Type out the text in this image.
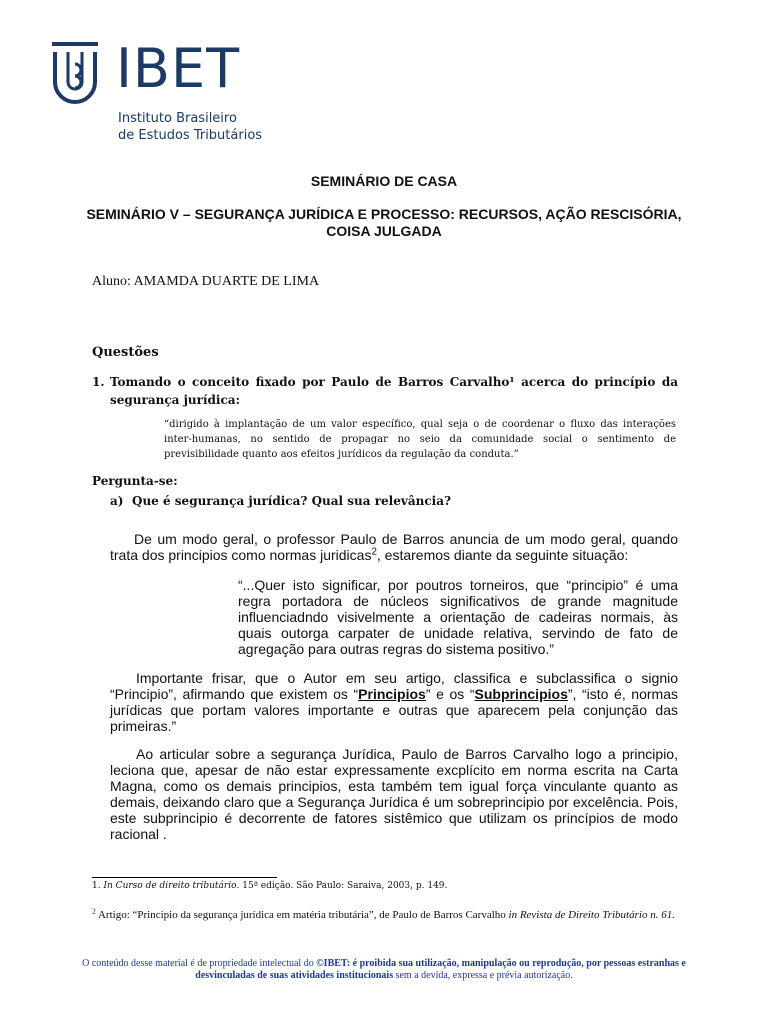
IBET
Instituto Brasileiro
de Estudos Tributários
SEMINÁRIO DE CASA
SEMINÁRIO V – SEGURANÇA JURÍDICA E PROCESSO: RECURSOS, AÇÃO RESCISÓRIA, COISA JULGADA
Aluno: AMAMDA DUARTE DE LIMA
Questões
1. Tomando o conceito fixado por Paulo de Barros Carvalho¹ acerca do princípio da segurança jurídica:
“dirigido à implantação de um valor específico, qual seja o de coordenar o fluxo das interações inter-humanas, no sentido de propagar no seio da comunidade social o sentimento de previsibilidade quanto aos efeitos jurídicos da regulação da conduta.”
Pergunta-se:
a) Que é segurança jurídica? Qual sua relevância?
De um modo geral, o professor Paulo de Barros anuncia de um modo geral, quando trata dos principios como normas juridicas$^2$, estaremos diante da seguinte situação:
“...Quer isto significar, por poutros torneiros, que “principio” é uma regra portadora de núcleos significativos de grande magnitude influenciadndo visivelmente a orientação de cadeiras normais, às quais outorga carpater de unidade relativa, servindo de fato de agregação para outras regras do sistema positivo.”
Importante frisar, que o Autor em seu artigo, classifica e subclassifica o signio “Principio”, afirmando que existem os “Principios” e os “Subprincipios”, “isto é, normas jurídicas que portam valores importante e outras que aparecem pela conjunção das primeiras.”
Ao articular sobre a segurança Jurídica, Paulo de Barros Carvalho logo a principio, leciona que, apesar de não estar expressamente excplícito em norma escrita na Carta Magna, como os demais principios, esta também tem igual força vinculante quanto as demais, deixando claro que a Segurança Jurídica é um sobreprincipio por excelência. Pois, este subprincipio é decorrente de fatores sistêmico que utilizam os princípios de modo racional .
1. In Curso de direito tributário. 15ª edição. São Paulo: Saraiva, 2003, p. 149.
$^2$ Artigo: “Principio da segurança jurídica em matéria tributária”, de Paulo de Barros Carvalho in Revista de Direito Tributário n. 61.
O conteúdo desse material é de propriedade intelectual do ©IBET: é proibida sua utilização, manipulação ou reprodução, por pessoas estranhas e desvinculadas de suas atividades institucionais sem a devida, expressa e prévia autorização.
